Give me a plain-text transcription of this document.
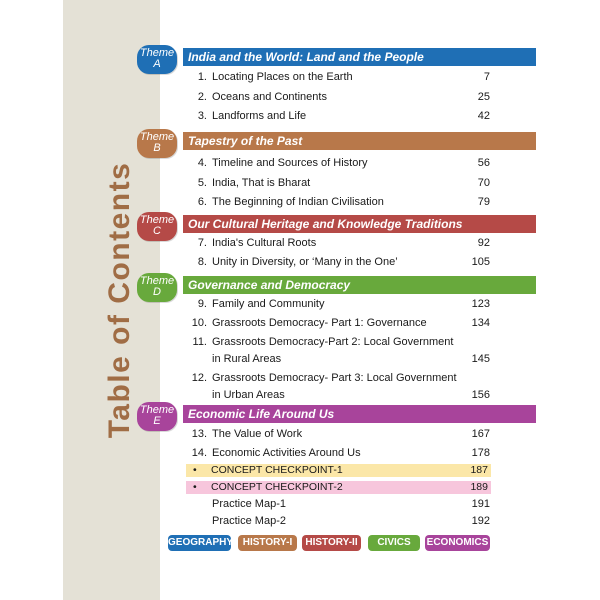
Table of Contents
Theme
A	India and the World: Land and the People
1. Locating Places on the Earth	7
2. Oceans and Continents	25
3. Landforms and Life	42
Theme
B	Tapestry of the Past
4. Timeline and Sources of History	56
5. India, That is Bharat	70
6. The Beginning of Indian Civilisation	79
Theme
C	Our Cultural Heritage and Knowledge Traditions
7. India's Cultural Roots	92
8. Unity in Diversity, or ‘Many in the One’	105
Theme
D	Governance and Democracy
9. Family and Community	123
10. Grassroots Democracy- Part 1: Governance	134
11. Grassroots Democracy-Part 2: Local Government in Rural Areas	145
12. Grassroots Democracy- Part 3: Local Government in Urban Areas	156
Theme
E	Economic Life Around Us
13. The Value of Work	167
14. Economic Activities Around Us	178
• CONCEPT CHECKPOINT-1	187
• CONCEPT CHECKPOINT-2	189
Practice Map-1	191
Practice Map-2	192
GEOGRAPHY HISTORY-I	HISTORY-II	CIVICS	ECONOMICS
